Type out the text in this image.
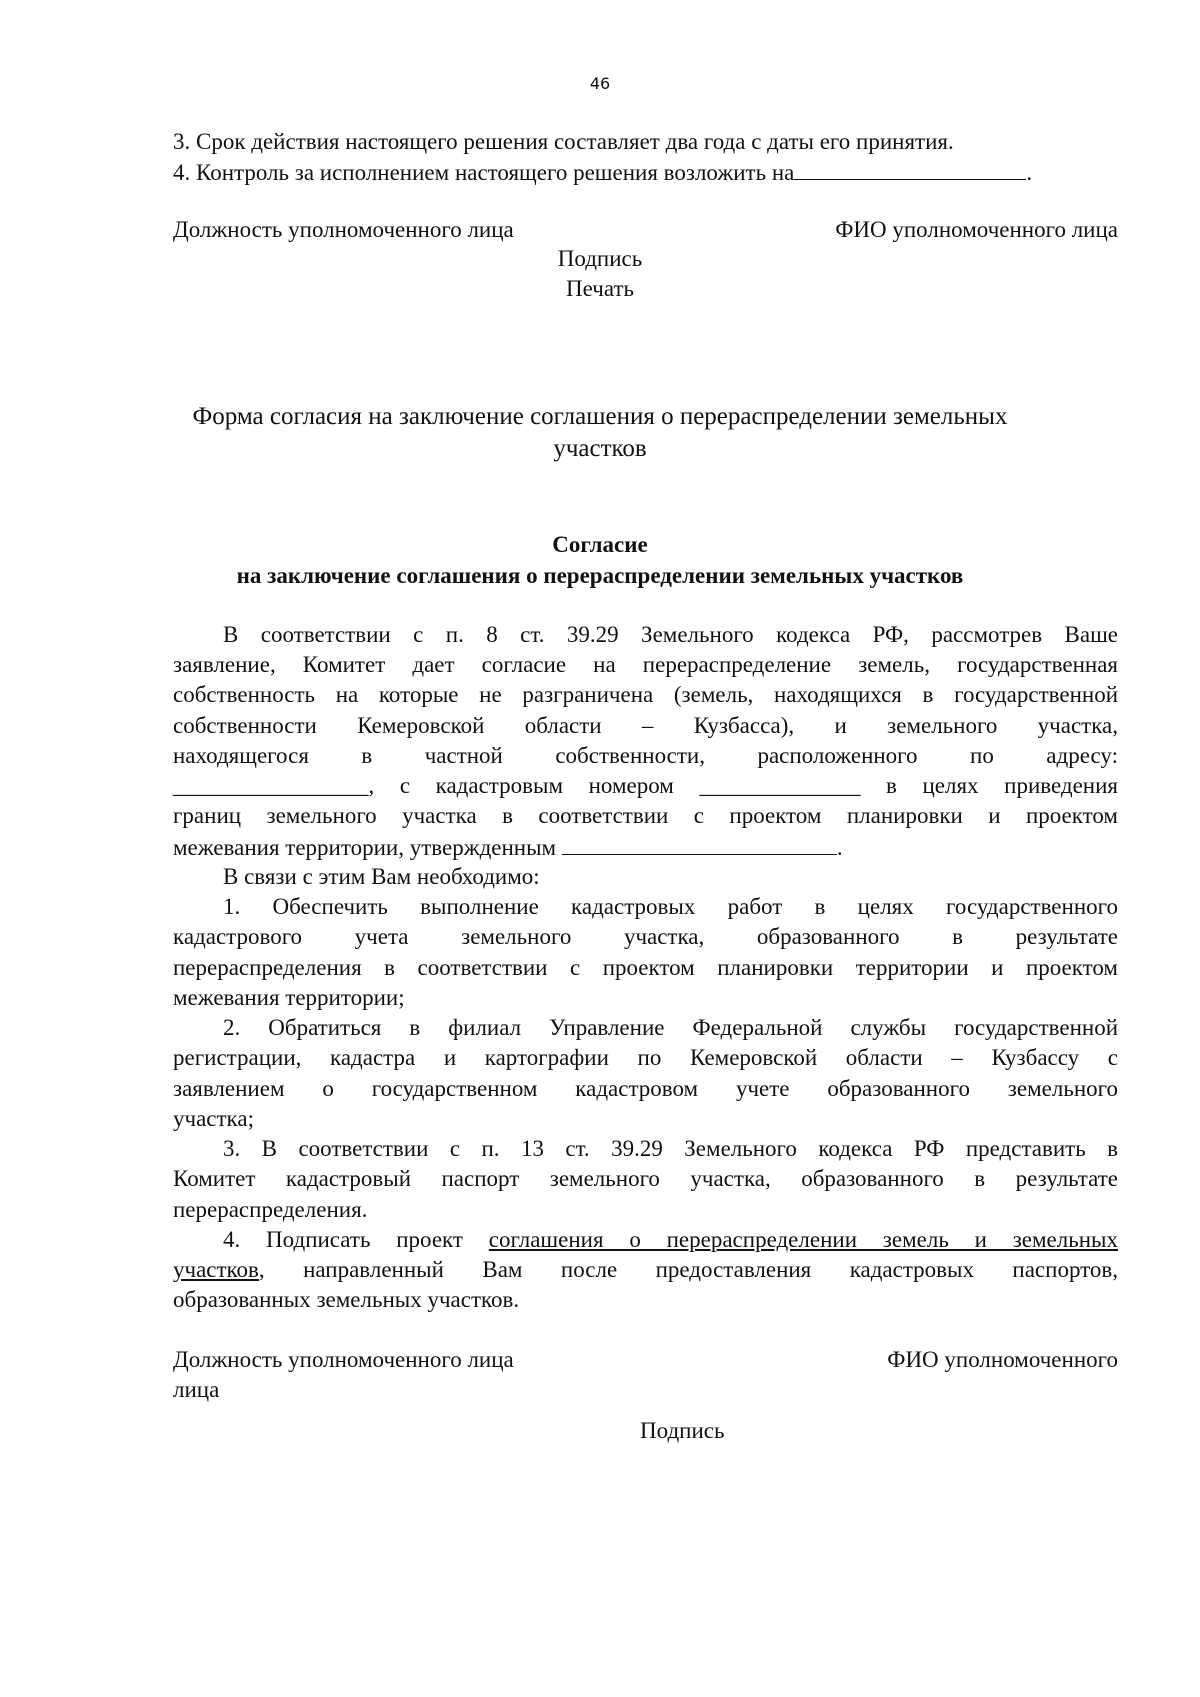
46
3. Срок действия настоящего решения составляет два года с даты его принятия.
4. Контроль за исполнением настоящего решения возложить на	.
Должность уполномоченного лица	ФИО уполномоченного лица
Подпись
Печать
Форма согласия на заключение соглашения о перераспределении земельных
участков
Согласие
на заключение соглашения о перераспределении земельных участков
В соответствии с п. 8 ст. 39.29 Земельного кодекса РФ, рассмотрев Ваше
заявление, Комитет дает согласие на перераспределение земель, государственная
собственность на которые не разграничена (земель, находящихся в государственной
собственности Кемеровской области – Кузбасса), и земельного участка,
находящегося в частной собственности, расположенного по адресу:
_________________, с кадастровым номером ______________ в целях приведения
границ земельного участка в соответствии с проектом планировки и проектом
межевания территории, утвержденным	.
В связи с этим Вам необходимо:
1. Обеспечить выполнение кадастровых работ в целях государственного
кадастрового учета земельного участка, образованного в результате
перераспределения в соответствии с проектом планировки территории и проектом
межевания территории;
2. Обратиться в филиал Управление Федеральной службы государственной
регистрации, кадастра и картографии по Кемеровской области – Кузбассу с
заявлением о государственном кадастровом учете образованного земельного
участка;
3. В соответствии с п. 13 ст. 39.29 Земельного кодекса РФ представить в
Комитет кадастровый паспорт земельного участка, образованного в результате
перераспределения.
4. Подписать проект соглашения о перераспределении земель и земельных
участков, направленный Вам после предоставления кадастровых паспортов,
образованных земельных участков.
Должность уполномоченного лица	ФИО уполномоченного
лица
Подпись
